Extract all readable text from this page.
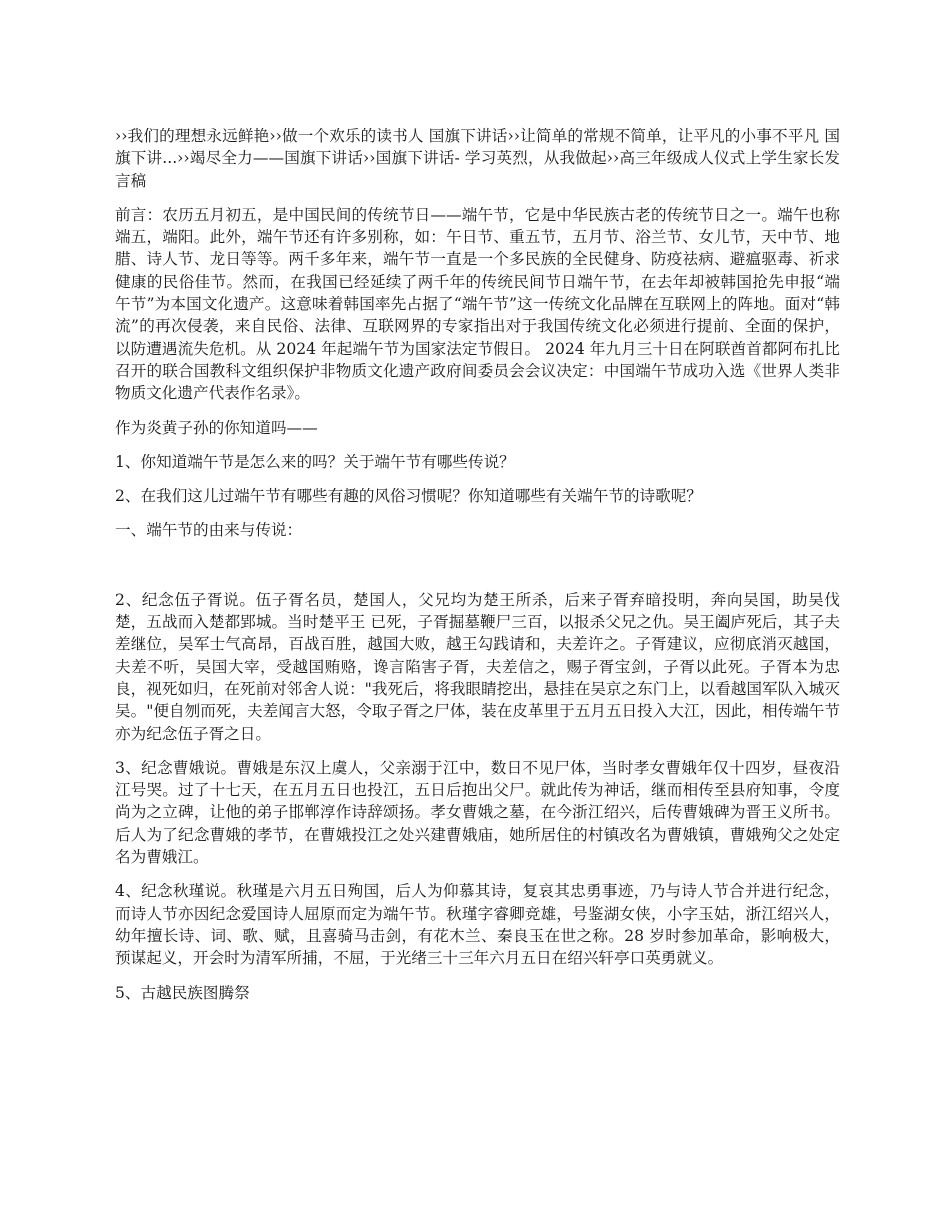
››我们的理想永远鲜艳››做一个欢乐的读书人 国旗下讲话››让简单的常规不简单，让平凡的小事不平凡 国旗下讲...››竭尽全力——国旗下讲话››国旗下讲话- 学习英烈，从我做起››高三年级成人仪式上学生家长发言稿

前言：农历五月初五，是中国民间的传统节日——端午节，它是中华民族古老的传统节日之一。端午也称端五，端阳。此外，端午节还有许多别称，如：午日节、重五节，五月节、浴兰节、女儿节，天中节、地腊、诗人节、龙日等等。两千多年来，端午节一直是一个多民族的全民健身、防疫祛病、避瘟驱毒、祈求健康的民俗佳节。然而，在我国已经延续了两千年的传统民间节日端午节，在去年却被韩国抢先申报“端午节”为本国文化遗产。这意味着韩国率先占据了“端午节”这一传统文化品牌在互联网上的阵地。面对“韩流”的再次侵袭，来自民俗、法律、互联网界的专家指出对于我国传统文化必须进行提前、全面的保护，以防遭遇流失危机。从 2024 年起端午节为国家法定节假日。 2024 年九月三十日在阿联酋首都阿布扎比召开的联合国教科文组织保护非物质文化遗产政府间委员会会议决定：中国端午节成功入选《世界人类非物质文化遗产代表作名录》。

作为炎黄子孙的你知道吗——

1、你知道端午节是怎么来的吗？关于端午节有哪些传说？

2、在我们这儿过端午节有哪些有趣的风俗习惯呢？你知道哪些有关端午节的诗歌呢？

一、端午节的由来与传说：

2、纪念伍子胥说。伍子胥名员，楚国人，父兄均为楚王所杀，后来子胥弃暗投明，奔向吴国，助吴伐楚，五战而入楚都郢城。当时楚平王 已死，子胥掘墓鞭尸三百，以报杀父兄之仇。吴王阖庐死后，其子夫差继位，吴军士气高昂，百战百胜，越国大败，越王勾践请和，夫差许之。子胥建议，应彻底消灭越国，夫差不听，吴国大宰，受越国贿赂，谗言陷害子胥，夫差信之，赐子胥宝剑，子胥以此死。子胥本为忠良，视死如归，在死前对邻舍人说："我死后，将我眼睛挖出，悬挂在吴京之东门上，以看越国军队入城灭吴。"便自刎而死，夫差闻言大怒，令取子胥之尸体，装在皮革里于五月五日投入大江，因此，相传端午节亦为纪念伍子胥之日。

3、纪念曹娥说。曹娥是东汉上虞人，父亲溺于江中，数日不见尸体，当时孝女曹娥年仅十四岁，昼夜沿江号哭。过了十七天，在五月五日也投江，五日后抱出父尸。就此传为神话，继而相传至县府知事，令度尚为之立碑，让他的弟子邯郸淳作诗辞颂扬。孝女曹娥之墓，在今浙江绍兴，后传曹娥碑为晋王义所书。后人为了纪念曹娥的孝节，在曹娥投江之处兴建曹娥庙，她所居住的村镇改名为曹娥镇，曹娥殉父之处定名为曹娥江。

4、纪念秋瑾说。秋瑾是六月五日殉国，后人为仰慕其诗，复哀其忠勇事迹，乃与诗人节合并进行纪念，而诗人节亦因纪念爱国诗人屈原而定为端午节。秋瑾字睿卿竞雄，号鉴湖女侠，小字玉姑，浙江绍兴人，幼年擅长诗、词、歌、赋，且喜骑马击剑，有花木兰、秦良玉在世之称。28 岁时参加革命，影响极大，预谋起义，开会时为清军所捕，不屈，于光绪三十三年六月五日在绍兴轩亭口英勇就义。

5、古越民族图腾祭
